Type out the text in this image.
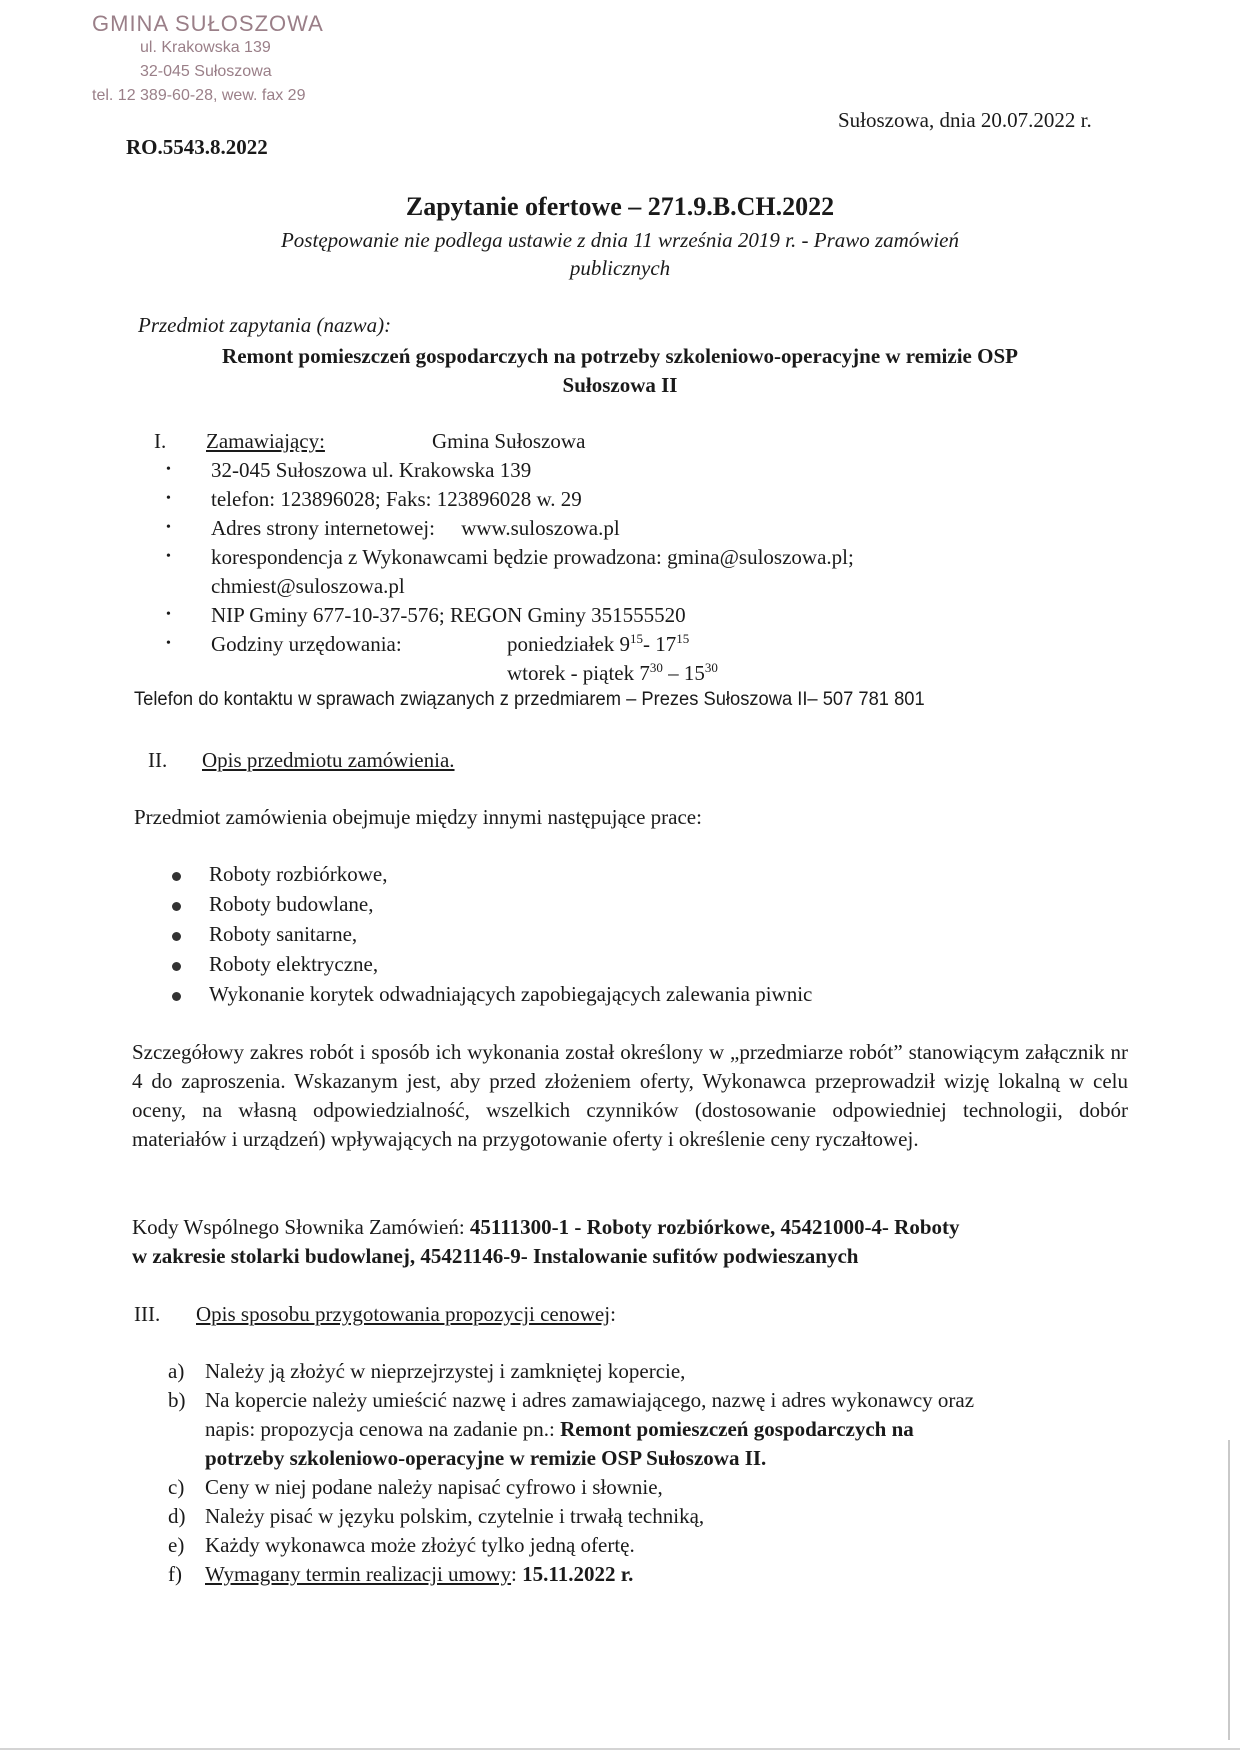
GMINA SUŁOSZOWA
ul. Krakowska 139
32-045 Sułoszowa
tel. 12 389-60-28, wew. fax 29
Sułoszowa, dnia 20.07.2022 r.
RO.5543.8.2022
Zapytanie ofertowe – 271.9.B.CH.2022
Postępowanie nie podlega ustawie z dnia 11 września 2019 r. - Prawo zamówień
publicznych
Przedmiot zapytania (nazwa):
Remont pomieszczeń gospodarczych na potrzeby szkoleniowo-operacyjne w remizie OSP
Sułoszowa II
I. Zamawiający:	Gmina Sułoszowa
• 32-045 Sułoszowa ul. Krakowska 139
• telefon: 123896028; Faks: 123896028 w. 29
• Adres strony internetowej:     www.suloszowa.pl
• korespondencja z Wykonawcami będzie prowadzona: gmina@suloszowa.pl;
chmiest@suloszowa.pl
• NIP Gminy 677-10-37-576; REGON Gminy 351555520
• Godziny urzędowania:	poniedziałek $9^{15}-$ $17^{15}$
wtorek - piątek $7^{30} - 15^{30}$
Telefon do kontaktu w sprawach związanych z przedmiarem – Prezes Sułoszowa II– 507 781 801
II. Opis przedmiotu zamówienia.
Przedmiot zamówienia obejmuje między innymi następujące prace:
Roboty rozbiórkowe,
Roboty budowlane,
Roboty sanitarne,
Roboty elektryczne,
Wykonanie korytek odwadniających zapobiegających zalewania piwnic
Szczegółowy zakres robót i sposób ich wykonania został określony w „przedmiarze robót” stanowiącym załącznik nr 4 do zaproszenia. Wskazanym jest, aby przed złożeniem oferty, Wykonawca przeprowadził wizję lokalną w celu oceny, na własną odpowiedzialność, wszelkich czynników (dostosowanie odpowiedniej technologii, dobór materiałów i urządzeń) wpływających na przygotowanie oferty i określenie ceny ryczałtowej.
Kody Wspólnego Słownika Zamówień: 45111300-1 - Roboty rozbiórkowe, 45421000-4- Roboty
w zakresie stolarki budowlanej, 45421146-9- Instalowanie sufitów podwieszanych
III. Opis sposobu przygotowania propozycji cenowej:
a) Należy ją złożyć w nieprzejrzystej i zamkniętej kopercie,
b) Na kopercie należy umieścić nazwę i adres zamawiającego, nazwę i adres wykonawcy oraz
napis: propozycja cenowa na zadanie pn.: Remont pomieszczeń gospodarczych na
potrzeby szkoleniowo-operacyjne w remizie OSP Sułoszowa II.
c) Ceny w niej podane należy napisać cyfrowo i słownie,
d) Należy pisać w języku polskim, czytelnie i trwałą techniką,
e) Każdy wykonawca może złożyć tylko jedną ofertę.
f) Wymagany termin realizacji umowy: 15.11.2022 r.
